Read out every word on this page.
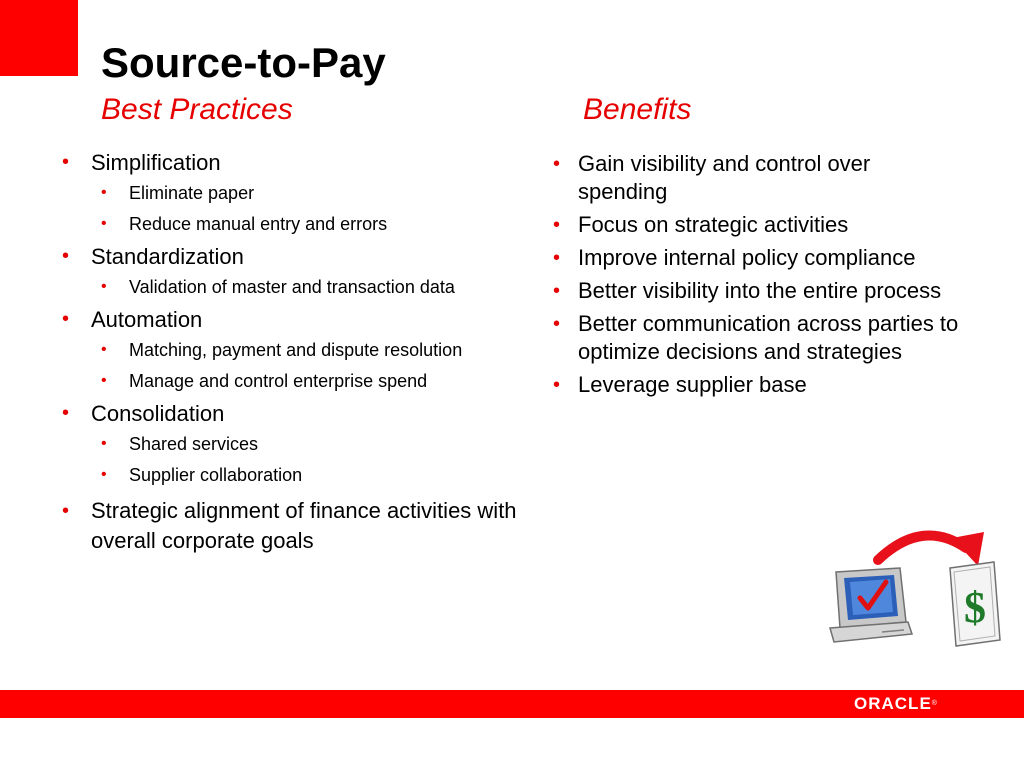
Source-to-Pay
Best Practices	Benefits
• Simplification
• Eliminate paper
• Reduce manual entry and errors
• Standardization
• Validation of master and transaction data
• Automation
• Matching, payment and dispute resolution
• Manage and control enterprise spend
• Consolidation
• Shared services
• Supplier collaboration
• Strategic alignment of finance activities with overall corporate goals
• Gain visibility and control over spending
• Focus on strategic activities
• Improve internal policy compliance
• Better visibility into the entire process
• Better communication across parties to optimize decisions and strategies
• Leverage supplier base
$
ORACLE®
